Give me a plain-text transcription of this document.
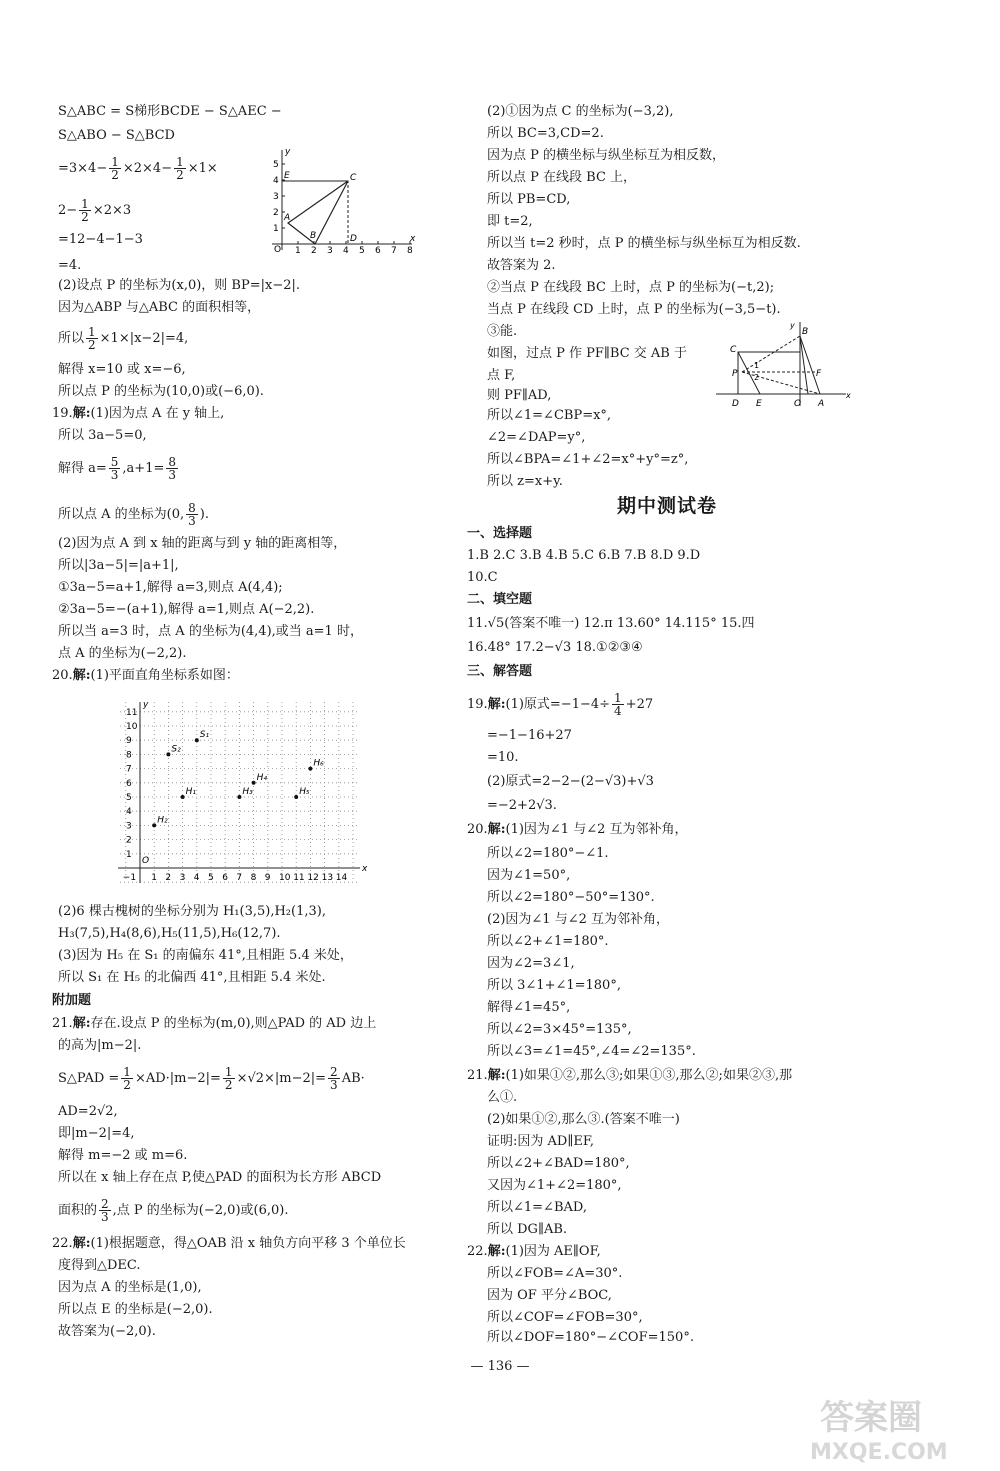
S△ABC = S梯形BCDE − S△AEC −
S△ABO − S△BCD
$=3\times 4- \frac{1}{2} \times 2\times 4- \frac{1}{2} \times 1\times$
$2- \frac{1}{2} \times 2\times 3$
=12−4−1−3
=4.
(2)设点 P 的坐标为(x,0)，则 BP=|x−2|.
因为△ABP 与△ABC 的面积相等，
所以 $\frac{1}{2} \times 1\times|x-2|=4$,
解得 x=10 或 x=−6,
所以点 P 的坐标为(10,0)或(−6,0).
19.解:(1)因为点 A 在 y 轴上,
所以 3a−5=0,
解得 $a= \frac{5}{3} ,a+1= \frac{8}{3}$
所以点 A 的坐标为(0, $\frac{8}{3}$ ).
(2)因为点 A 到 x 轴的距离与到 y 轴的距离相等，
所以|3a−5|=|a+1|,
①3a−5=a+1,解得 a=3,则点 A(4,4);
②3a−5=−(a+1),解得 a=1,则点 A(−2,2).
所以当 a=3 时，点 A 的坐标为(4,4),或当 a=1 时，
点 A 的坐标为(−2,2).
20.解:(1)平面直角坐标系如图：
(2)6 棵古槐树的坐标分别为 H₁(3,5),H₂(1,3),
H₃(7,5),H₄(8,6),H₅(11,5),H₆(12,7).
(3)因为 H₅ 在 S₁ 的南偏东 41°,且相距 5.4 米处，
所以 S₁ 在 H₅ 的北偏西 41°,且相距 5.4 米处.
附加题
21.解:存在.设点 P 的坐标为(m,0),则△PAD 的 AD 边上
的高为|m−2|.
S△PAD = $\frac{1}{2} \times AD\cdot|m-2|= \frac{1}{2} \times√2\times|m-2|= \frac{2}{3} AB\cdot$
AD=2√2,
即|m−2|=4,
解得 m=−2 或 m=6.
所以在 x 轴上存在点 P,使△PAD 的面积为长方形 ABCD
面积的 $\frac{2}{3}$ ,点 P 的坐标为(−2,0)或(6,0).
22.解:(1)根据题意，得△OAB 沿 x 轴负方向平移 3 个单位长
度得到△DEC.
因为点 A 的坐标是(1,0),
所以点 E 的坐标是(−2,0).
故答案为(−2,0).
1 2 3 4 5 6 7 8
1
2
3
4
5
O
x
y
E
A
B
C
D
−1 1 2 3 4 5 6 7 8 9 10 11 12 13 14
1
2
3
4
5
6
7
8
9
10
11
O
x
y
H₁
H₂
H₃
H₄
H₅
H₆
S₁
S₂
(2)①因为点 C 的坐标为(−3,2),
所以 BC=3,CD=2.
因为点 P 的横坐标与纵坐标互为相反数，
所以点 P 在线段 BC 上，
所以 PB=CD,
即 t=2,
所以当 t=2 秒时，点 P 的横坐标与纵坐标互为相反数.
故答案为 2.
②当点 P 在线段 BC 上时，点 P 的坐标为(−t,2);
当点 P 在线段 CD 上时，点 P 的坐标为(−3,5−t).
③能.
如图，过点 P 作 PF∥BC 交 AB 于
点 F,
则 PF∥AD,
所以∠1=∠CBP=x°,
∠2=∠DAP=y°,
所以∠BPA=∠1+∠2=x°+y°=z°,
所以 z=x+y.
期中测试卷
一、选择题
1.B 2.C 3.B 4.B 5.C 6.B 7.B 8.D 9.D
10.C
二、填空题
11.√5(答案不唯一) 12.π 13.60° 14.115° 15.四
16.48° 17.2−√3 18.①②③④
三、解答题
19.解:(1)原式$=-1-4\div \frac{1}{4} +27$
=−1−16+27
=10.
(2)原式=2−2−(2−√3)+√3
=−2+2√3.
20.解:(1)因为∠1 与∠2 互为邻补角，
所以∠2=180°−∠1.
因为∠1=50°,
所以∠2=180°−50°=130°.
(2)因为∠1 与∠2 互为邻补角，
所以∠2+∠1=180°.
因为∠2=3∠1,
所以 3∠1+∠1=180°,
解得∠1=45°,
所以∠2=3×45°=135°,
所以∠3=∠1=45°,∠4=∠2=135°.
21.解:(1)如果①②,那么③;如果①③,那么②;如果②③,那
么①.
(2)如果①②,那么③.(答案不唯一)
证明:因为 AD∥EF,
所以∠2+∠BAD=180°,
又因为∠1+∠2=180°,
所以∠1=∠BAD,
所以 DG∥AB.
22.解:(1)因为 AE∥OF,
所以∠FOB=∠A=30°.
因为 OF 平分∠BOC,
所以∠COF=∠FOB=30°,
所以∠DOF=180°−∠COF=150°.
x
y
C
B
P	F
D E	O A
1
2
— 136 —
答案圈
MXQE.COM
